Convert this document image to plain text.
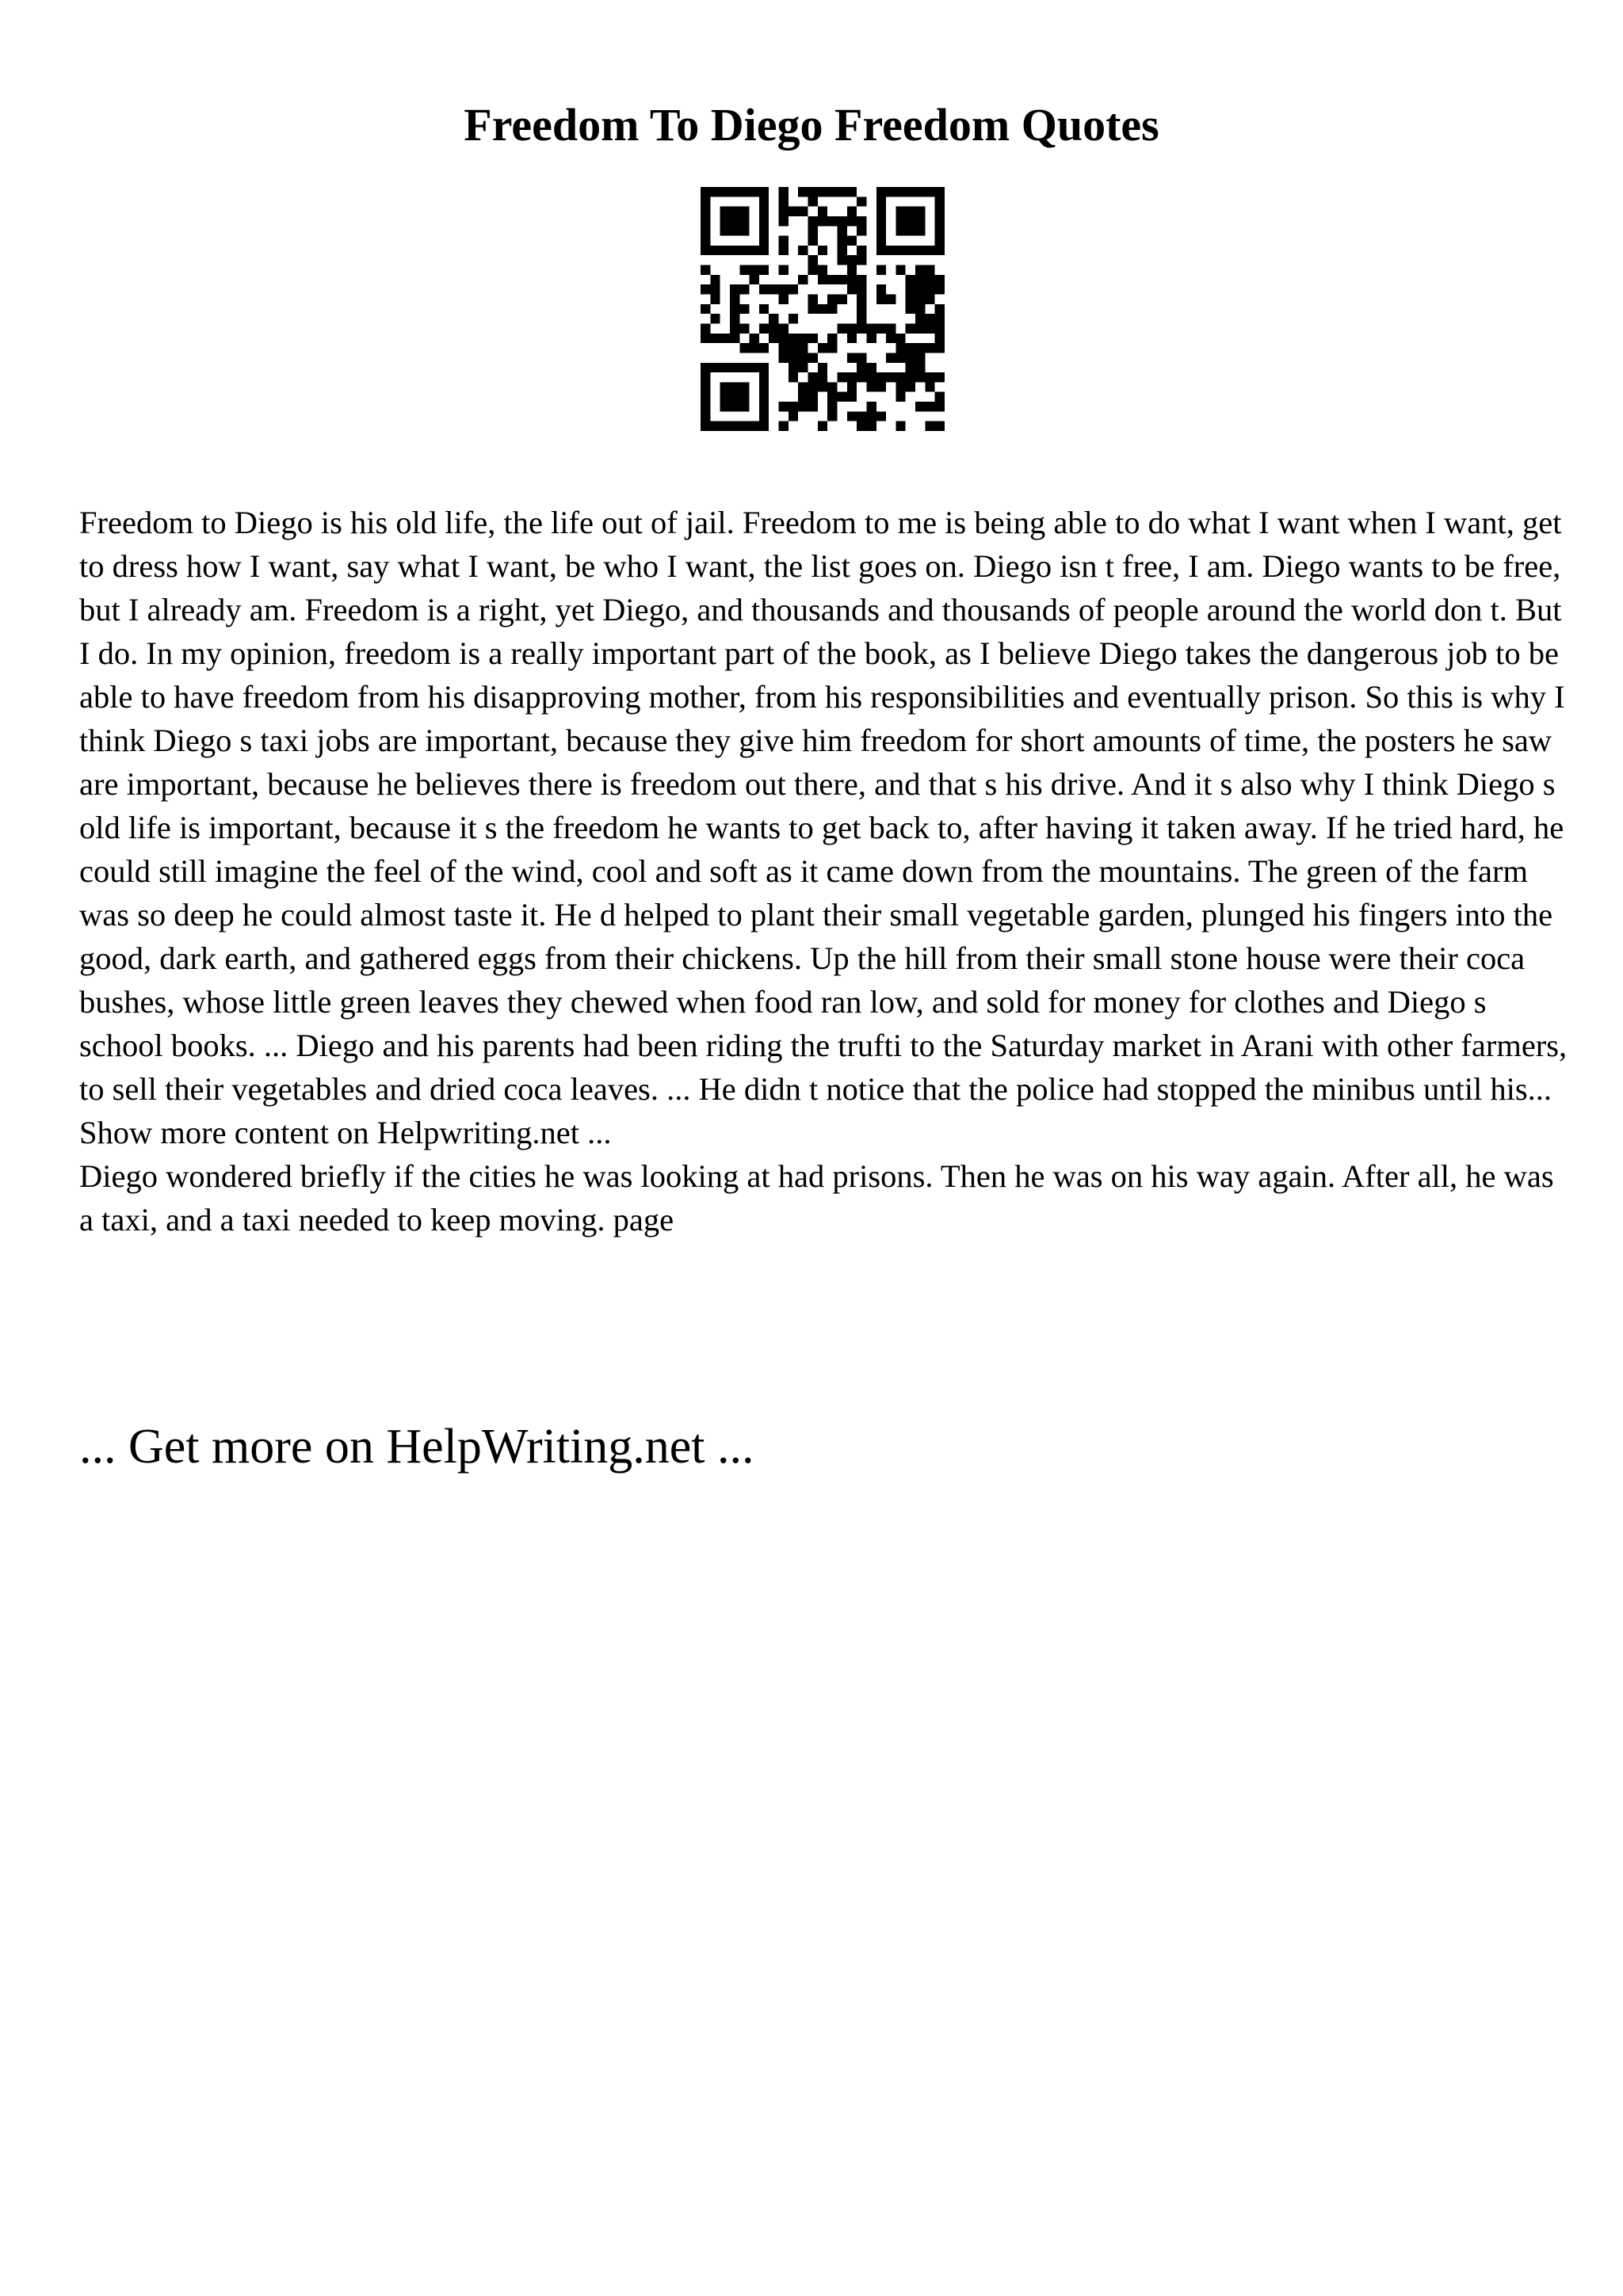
Freedom To Diego Freedom Quotes

Freedom to Diego is his old life, the life out of jail. Freedom to me is being able to do what I want when I want, get to dress how I want, say what I want, be who I want, the list goes on. Diego isn t free, I am. Diego wants to be free, but I already am. Freedom is a right, yet Diego, and thousands and thousands of people around the world don t. But I do. In my opinion, freedom is a really important part of the book, as I believe Diego takes the dangerous job to be able to have freedom from his disapproving mother, from his responsibilities and eventually prison. So this is why I think Diego s taxi jobs are important, because they give him freedom for short amounts of time, the posters he saw are important, because he believes there is freedom out there, and that s his drive. And it s also why I think Diego s old life is important, because it s the freedom he wants to get back to, after having it taken away. If he tried hard, he could still imagine the feel of the wind, cool and soft as it came down from the mountains. The green of the farm was so deep he could almost taste it. He d helped to plant their small vegetable garden, plunged his fingers into the good, dark earth, and gathered eggs from their chickens. Up the hill from their small stone house were their coca bushes, whose little green leaves they chewed when food ran low, and sold for money for clothes and Diego s school books. ... Diego and his parents had been riding the trufti to the Saturday market in Arani with other farmers, to sell their vegetables and dried coca leaves. ... He didn t notice that the police had stopped the minibus until his... Show more content on Helpwriting.net ...

Diego wondered briefly if the cities he was looking at had prisons. Then he was on his way again. After all, he was a taxi, and a taxi needed to keep moving. page

... Get more on HelpWriting.net ...
